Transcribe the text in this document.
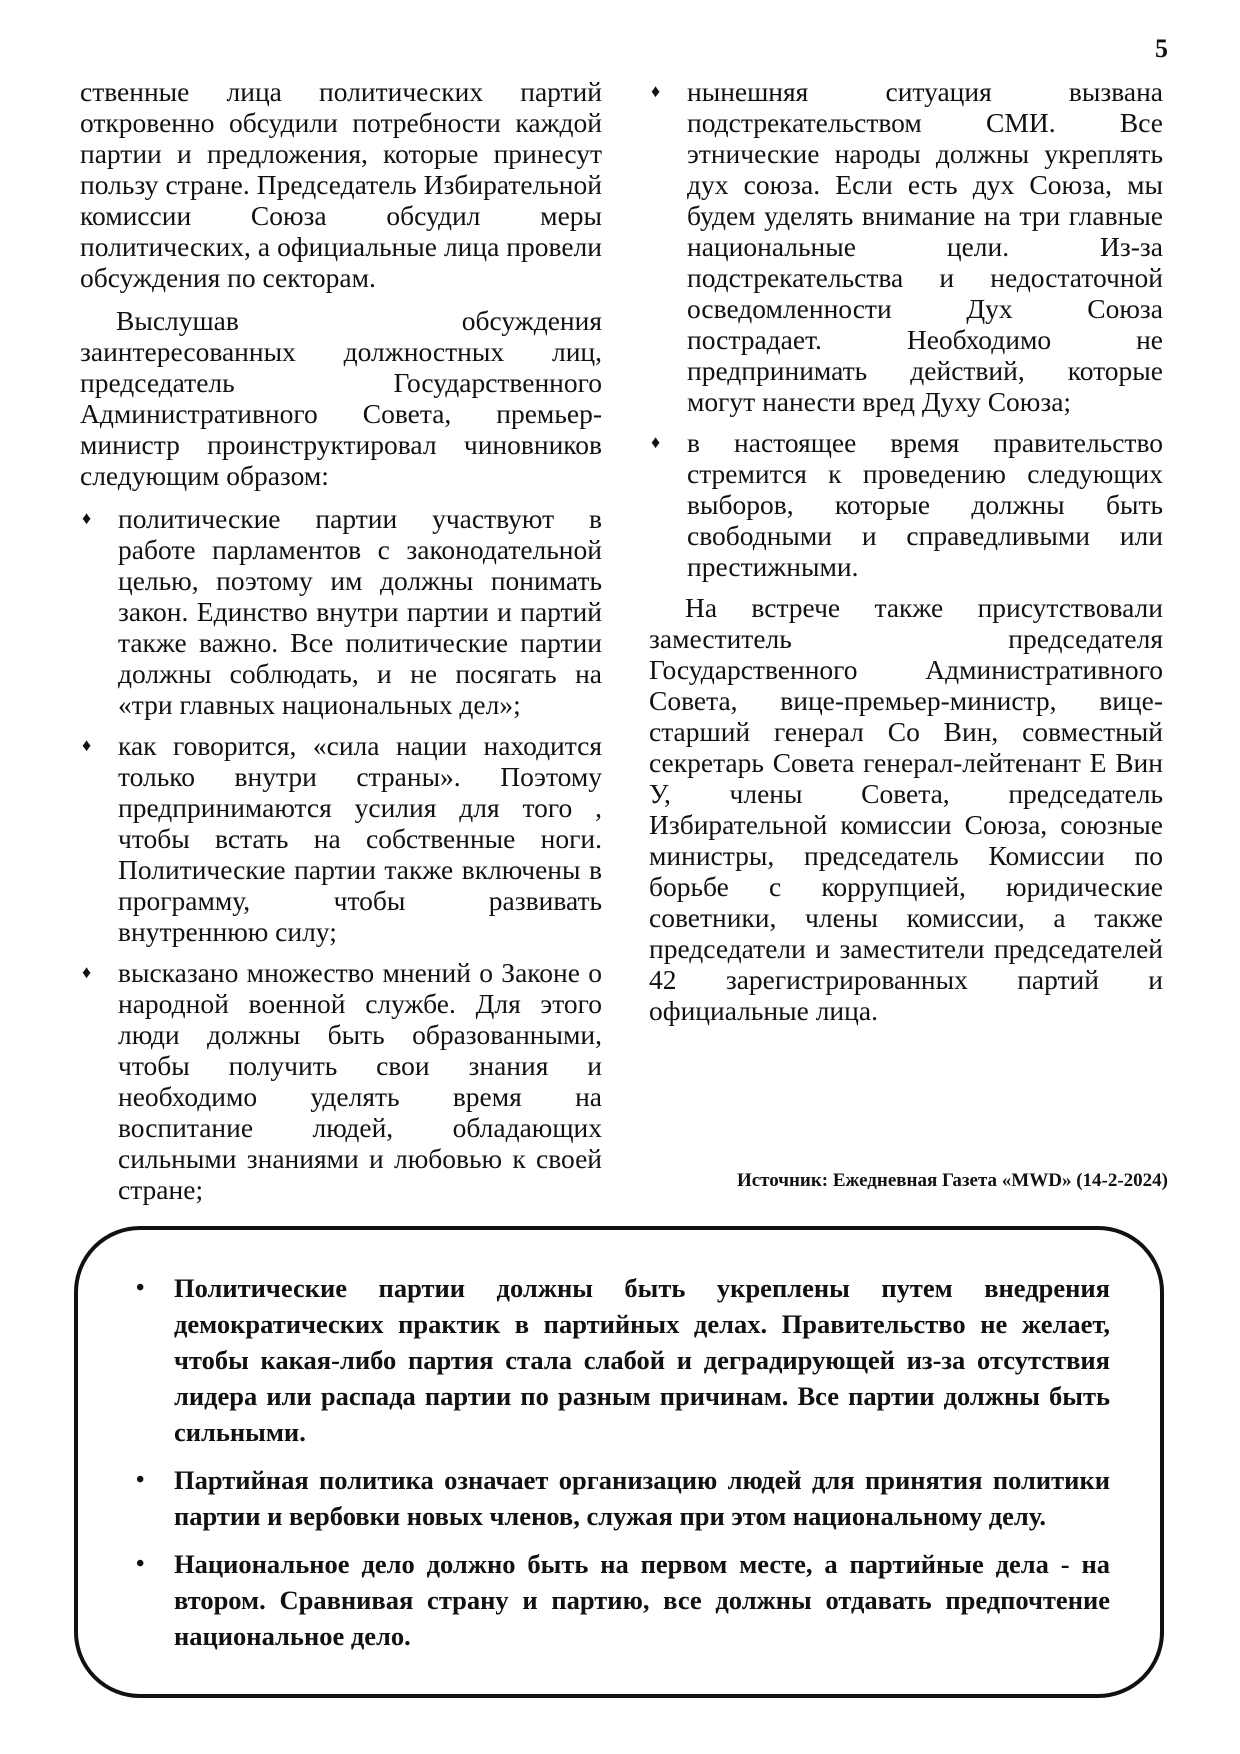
5

ственные лица политических партий откровенно обсудили потребности каждой партии и предложения, которые принесут пользу стране. Председатель Избирательной комиссии Союза обсудил меры политических, а официальные лица провели обсуждения по секторам.

Выслушав обсуждения заинтересованных должностных лиц, председатель Государственного Административного Совета, премьер-министр проинструктировал чиновников следующим образом:

♦ политические партии участвуют в работе парламентов с законодательной целью, поэтому им должны понимать закон. Единство внутри партии и партий также важно. Все политические партии должны соблюдать, и не посягать на «три главных национальных дел»;
♦ как говорится, «сила нации находится только внутри страны». Поэтому предпринимаются усилия для того , чтобы встать на собственные ноги. Политические партии также включены в программу, чтобы развивать внутреннюю силу;
♦ высказано множество мнений о Законе о народной военной службе. Для этого люди должны быть образованными, чтобы получить свои знания и необходимо уделять время на воспитание людей, обладающих сильными знаниями и любовью к своей стране;
♦ нынешняя ситуация вызвана подстрекательством СМИ. Все этнические народы должны укреплять дух союза. Если есть дух Союза, мы будем уделять внимание на три главные национальные цели. Из-за подстрекательства и недостаточной осведомленности Дух Союза пострадает. Необходимо не предпринимать действий, которые могут нанести вред Духу Союза;
♦ в настоящее время правительство стремится к проведению следующих выборов, которые должны быть свободными и справедливыми или престижными.

На встрече также присутствовали заместитель председателя Государственного Административного Совета, вице-премьер-министр, вице-старший генерал Со Вин, совместный секретарь Совета генерал-лейтенант Е Вин У, члены Совета, председатель Избирательной комиссии Союза, союзные министры, председатель Комиссии по борьбе с коррупцией, юридические советники, члены комиссии, а также председатели и заместители председателей 42 зарегистрированных партий и официальные лица.

Источник: Ежедневная Газета «MWD» (14-2-2024)
• Политические партии должны быть укреплены путем внедрения демократических практик в партийных делах. Правительство не желает, чтобы какая-либо партия стала слабой и деградирующей из-за отсутствия лидера или распада партии по разным причинам. Все партии должны быть сильными.
• Партийная политика означает организацию людей для принятия политики партии и вербовки новых членов, служая при этом национальному делу.
• Национальное дело должно быть на первом месте, а партийные дела - на втором. Сравнивая страну и партию, все должны отдавать предпочтение национальное дело.
